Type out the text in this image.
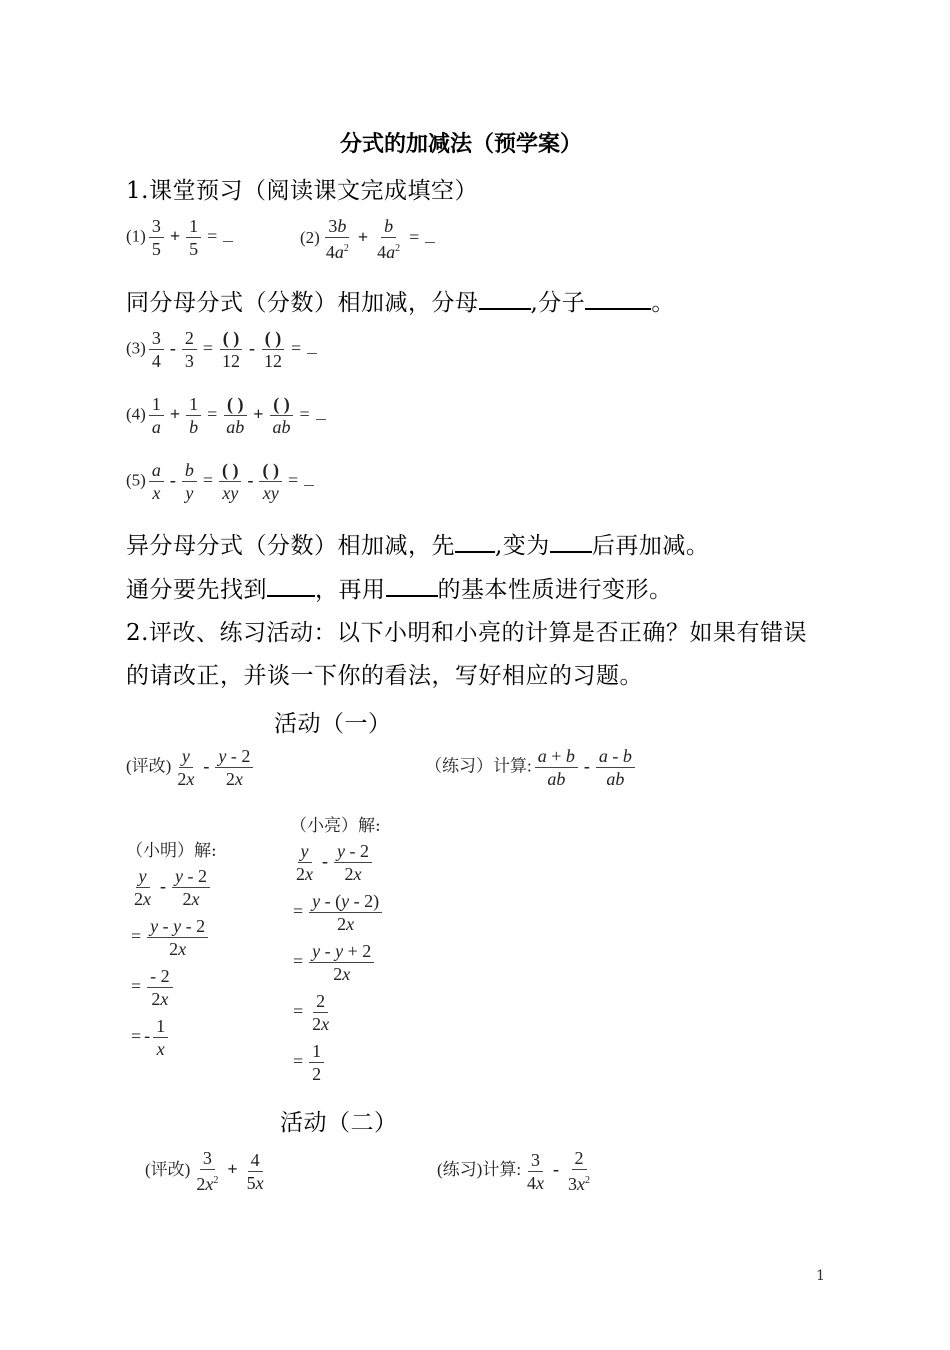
分式的加减法（预学案）
1.课堂预习（阅读课文完成填空）
$(1) \frac{3}{5} + \frac{1}{5}$ =	$(2) \frac{3b}{4a^2} + \frac{b}{4a^2}$ =
同分母分式（分数）相加减，分母 ,分子	。
$(3) \frac{3}{4} - \frac{2}{3} = \frac{( )}{12} - \frac{( )}{12}$ =
$(4) \frac{1}{a} + \frac{1}{b} = \frac{( )}{ab} + \frac{( )}{ab}$ =
$(5) \frac{a}{x} - \frac{b}{y} = \frac{( )}{xy} - \frac{( )}{xy}$ =
异分母分式（分数）相加减，先 ,变为 后再加减。
通分要先找到 ，再用 的基本性质进行变形。
2.评改、练习活动：以下小明和小亮的计算是否正确？如果有错误
的请改正，并谈一下你的看法，写好相应的习题。
活动（一）
(评改) $\frac{y}{2x} - \frac{y - 2}{2x}$	（练习）计算: $\frac{a + b}{ab} - \frac{a - b}{ab}$
（小亮）解:
（小明）解:
$\frac{y}{2x} - \frac{y - 2}{2x}$
= $\frac{y - y - 2}{2x}$
= $\frac{- 2}{2x}$
= - $\frac{1}{x}$
$\frac{y}{2x} - \frac{y - 2}{2x}$
= $\frac{y - (y - 2)}{2x}$
= $\frac{y - y + 2}{2x}$
= $\frac{2}{2x}$
= $\frac{1}{2}$
活动（二）
(评改) $\frac{3}{2x^2} + \frac{4}{5x}$	(练习)计算: $\frac{3}{4x} - \frac{2}{3x^2}$
1
